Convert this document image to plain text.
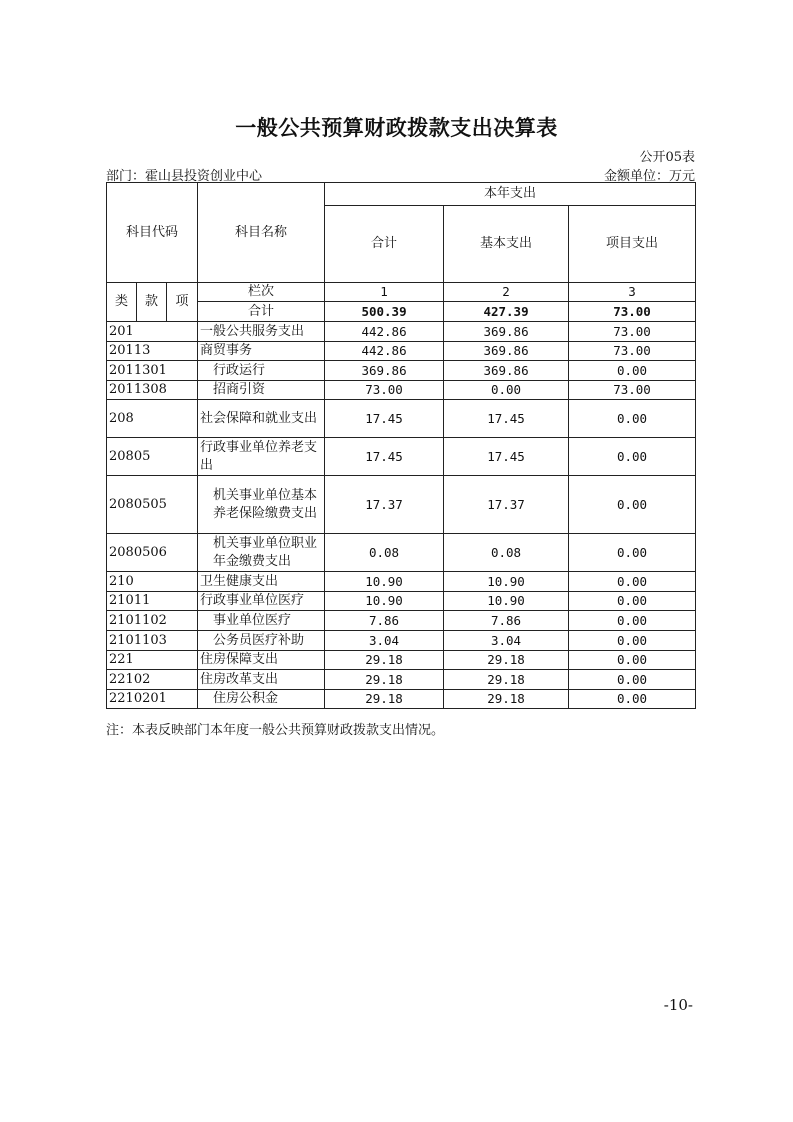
一般公共预算财政拨款支出决算表
公开05表
部门：霍山县投资创业中心	金额单位：万元
科目代码			科目名称	本年支出		
				合计	基本支出	项目支出
类	款	项	栏次	1	2	3
			合计	500.39	427.39	73.00
201			一般公共服务支出	442.86	369.86	73.00
20113			商贸事务	442.86	369.86	73.00
2011301			行政运行	369.86	369.86	0.00
2011308			招商引资	73.00	0.00	73.00
208			社会保障和就业支出	17.45	17.45	0.00
20805			行政事业单位养老支出	17.45	17.45	0.00
2080505			机关事业单位基本养老保险缴费支出	17.37	17.37	0.00
2080506			机关事业单位职业年金缴费支出	0.08	0.08	0.00
210			卫生健康支出	10.90	10.90	0.00
21011			行政事业单位医疗	10.90	10.90	0.00
2101102			事业单位医疗	7.86	7.86	0.00
2101103			公务员医疗补助	3.04	3.04	0.00
221			住房保障支出	29.18	29.18	0.00
22102			住房改革支出	29.18	29.18	0.00
2210201			住房公积金	29.18	29.18	0.00
注：本表反映部门本年度一般公共预算财政拨款支出情况。
-10-
